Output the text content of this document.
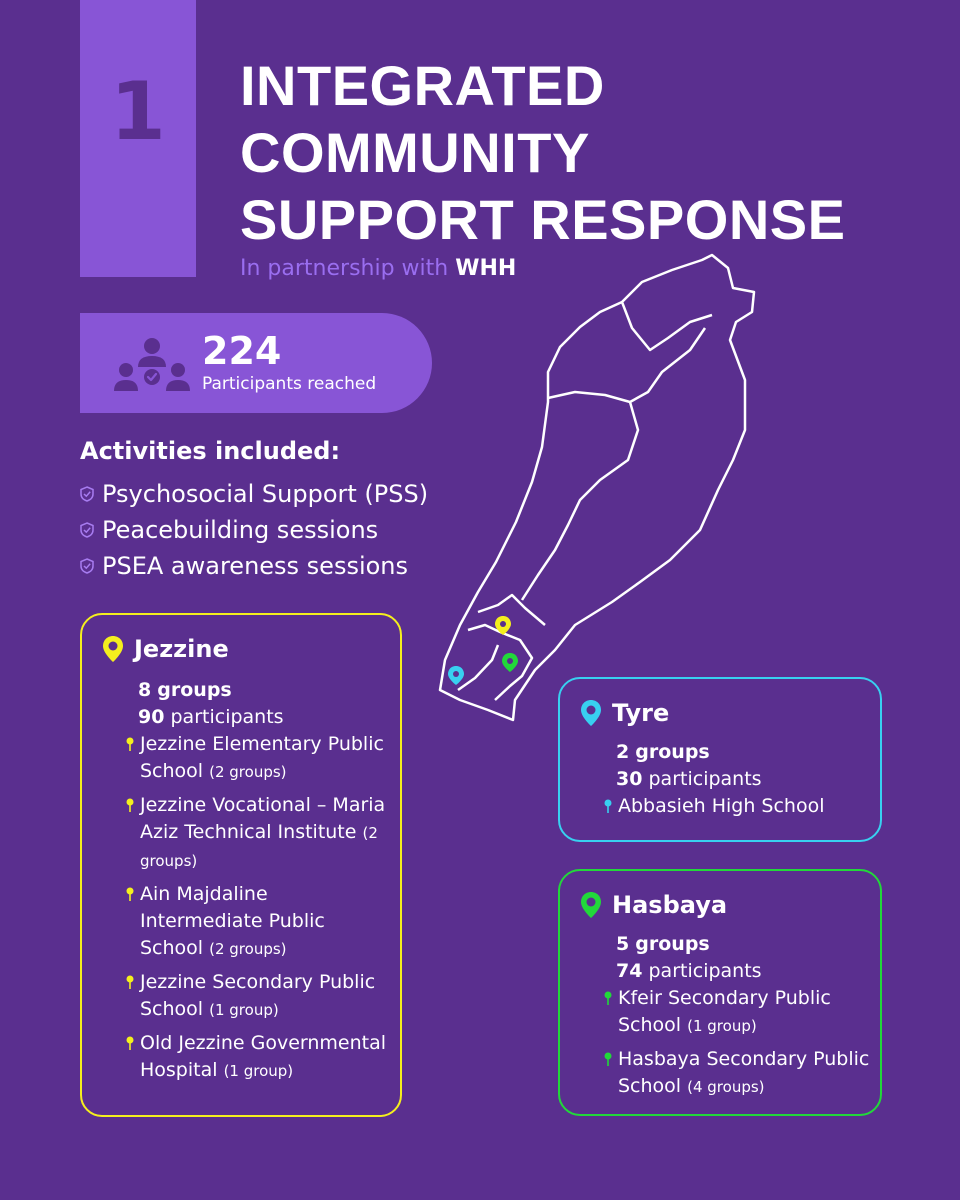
1	INTEGRATED
COMMUNITY
SUPPORT RESPONSE
In partnership with WHH
224
Participants reached
Activities included:
Psychosocial Support (PSS)
Peacebuilding sessions
PSEA awareness sessions
Jezzine
8 groups
90 participants
Jezzine Elementary Public School (2 groups)
Jezzine Vocational – Maria Aziz Technical Institute (2 groups)
Ain Majdaline Intermediate Public School (2 groups)
Jezzine Secondary Public School (1 group)
Old Jezzine Governmental Hospital (1 group)
Tyre
2 groups
30 participants
Abbasieh High School
Hasbaya
5 groups
74 participants
Kfeir Secondary Public School (1 group)
Hasbaya Secondary Public School (4 groups)
